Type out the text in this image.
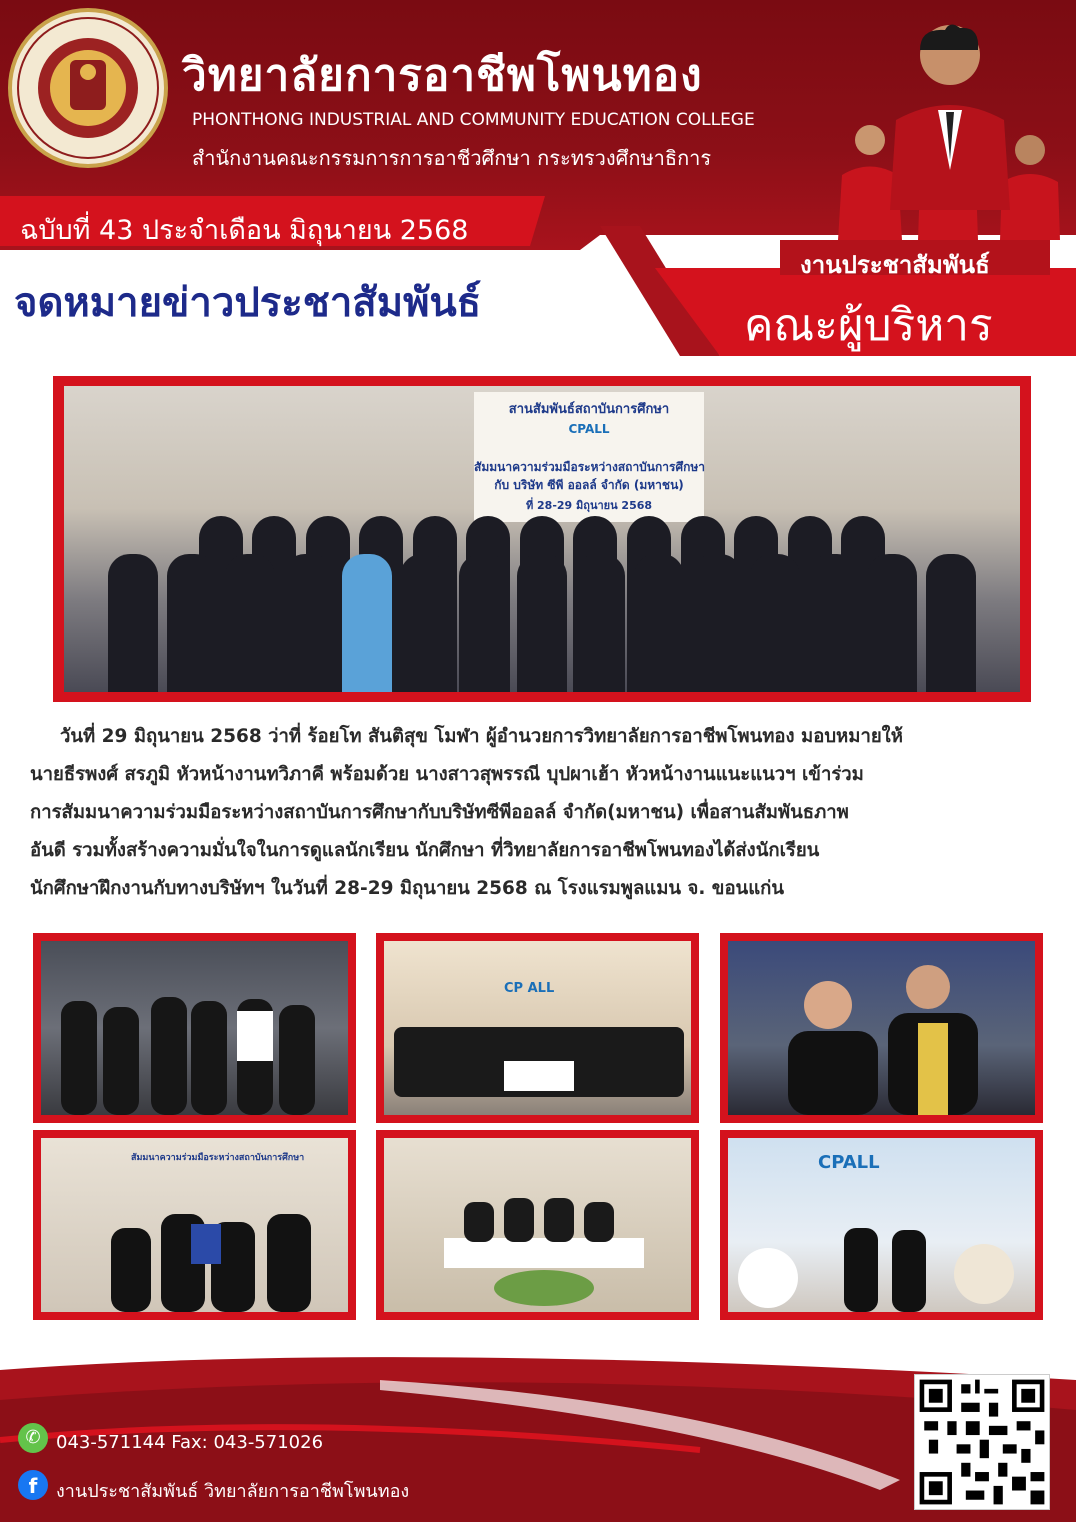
วิทยาลัยการอาชีพโพนทอง
PHONTHONG INDUSTRIAL AND COMMUNITY EDUCATION COLLEGE
สำนักงานคณะกรรมการการอาชีวศึกษา กระทรวงศึกษาธิการ
ฉบับที่ 43 ประจำเดือน มิถุนายน 2568
จดหมายข่าวประชาสัมพันธ์
งานประชาสัมพันธ์
คณะผู้บริหาร
สานสัมพันธ์สถาบันการศึกษา
CPALL
สัมมนาความร่วมมือระหว่างสถาบันการศึกษา
กับ บริษัท ซีพี ออลล์ จำกัด (มหาชน)
ที่ 28-29 มิถุนายน 2568

วันที่ 29 มิถุนายน 2568 ว่าที่ ร้อยโท สันติสุข โมฬา ผู้อำนวยการวิทยาลัยการอาชีพโพนทอง มอบหมายให้

นายธีรพงศ์ สรภูมิ หัวหน้างานทวิภาคี พร้อมด้วย นางสาวสุพรรณี บุปผาเฮ้า หัวหน้างานแนะแนวฯ เข้าร่วม

การสัมมนาความร่วมมือระหว่างสถาบันการศึกษากับบริษัทซีพีออลล์ จำกัด(มหาชน) เพื่อสานสัมพันธภาพ

อันดี รวมทั้งสร้างความมั่นใจในการดูแลนักเรียน นักศึกษา ที่วิทยาลัยการอาชีพโพนทองได้ส่งนักเรียน

นักศึกษาฝึกงานกับทางบริษัทฯ ในวันที่ 28-29 มิถุนายน 2568 ณ โรงแรมพูลแมน จ. ขอนแก่น

CP ALL
สัมมนาความร่วมมือระหว่างสถาบันการศึกษา	CPALL
✆ 043-571144 Fax: 043-571026
f	งานประชาสัมพันธ์ วิทยาลัยการอาชีพโพนทอง
